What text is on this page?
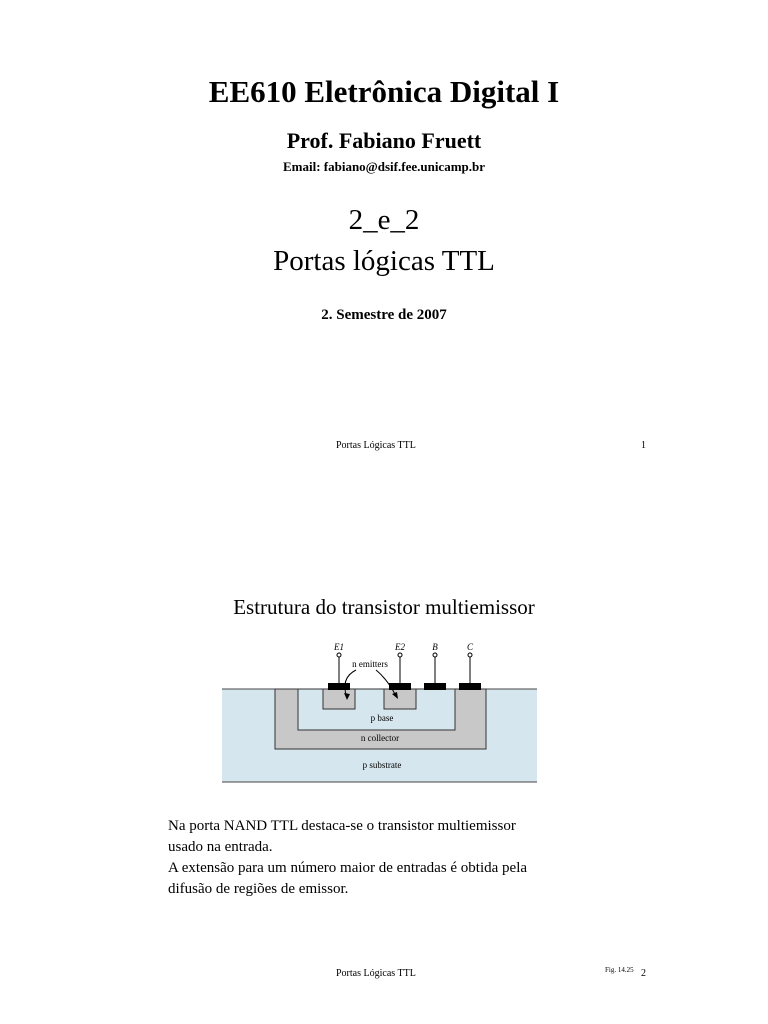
EE610 Eletrônica Digital I
Prof. Fabiano Fruett
Email: fabiano@dsif.fee.unicamp.br
2_e_2
Portas lógicas TTL
2. Semestre de 2007
Portas Lógicas TTL	1
Estrutura do transistor multiemissor
E1	E2	B	C
n emitters
p base
n collector
p substrate
Na porta NAND TTL destaca-se o transistor multiemissor
usado na entrada.
A extensão para um número maior de entradas é obtida pela
difusão de regiões de emissor.
Portas Lógicas TTL	Fig. 14.25 2
